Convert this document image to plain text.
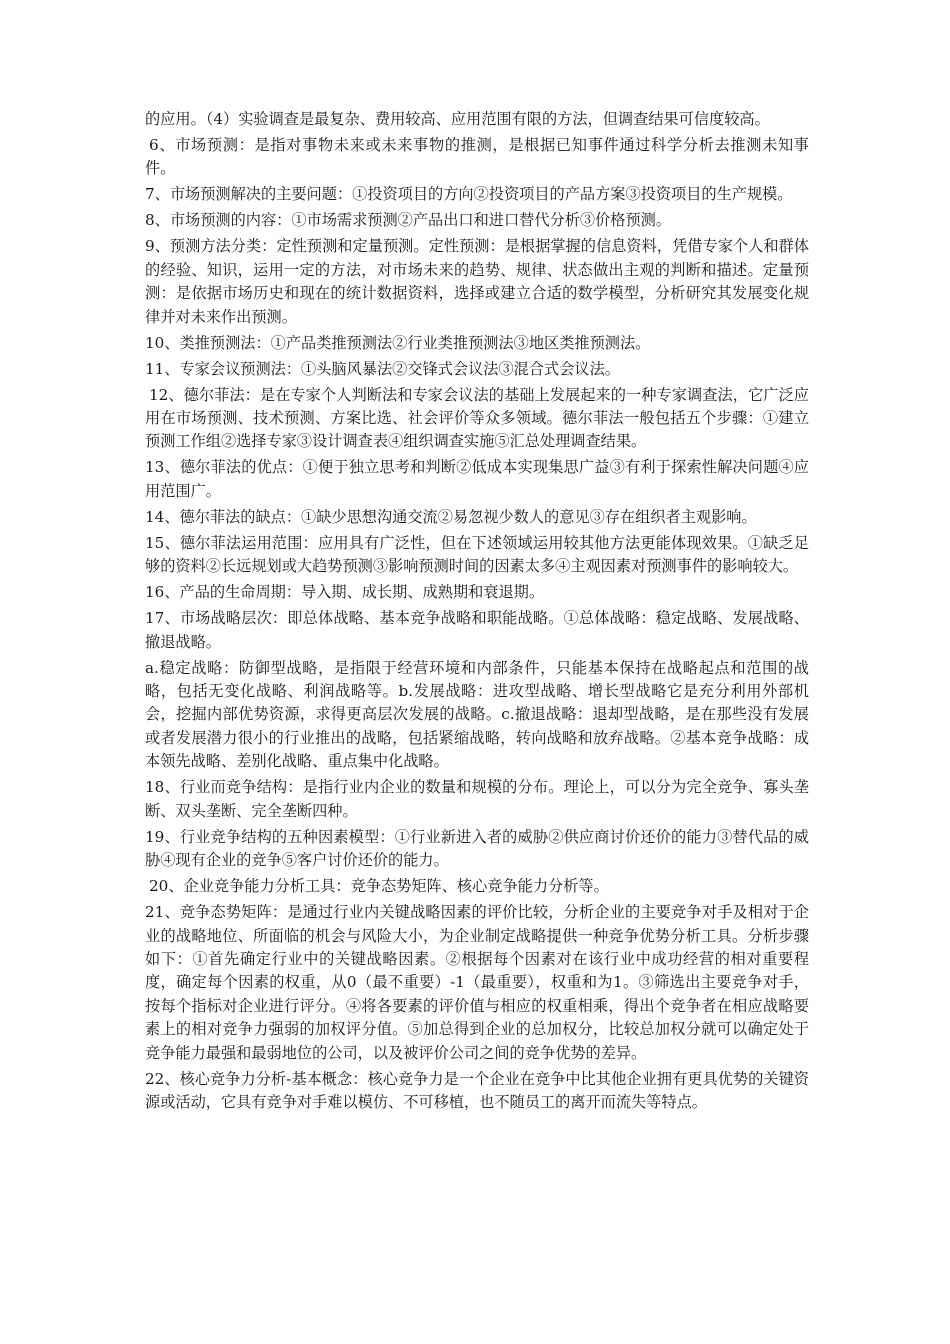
的应用。（4）实验调查是最复杂、费用较高、应用范围有限的方法，但调查结果可信度较高。

6、市场预测：是指对事物未来或未来事物的推测，是根据已知事件通过科学分析去推测未知事件。

7、市场预测解决的主要问题：①投资项目的方向②投资项目的产品方案③投资项目的生产规模。

8、市场预测的内容：①市场需求预测②产品出口和进口替代分析③价格预测。

9、预测方法分类：定性预测和定量预测。定性预测：是根据掌握的信息资料，凭借专家个人和群体的经验、知识，运用一定的方法，对市场未来的趋势、规律、状态做出主观的判断和描述。定量预测：是依据市场历史和现在的统计数据资料，选择或建立合适的数学模型，分析研究其发展变化规律并对未来作出预测。

10、类推预测法：①产品类推预测法②行业类推预测法③地区类推预测法。

11、专家会议预测法：①头脑风暴法②交锋式会议法③混合式会议法。

12、德尔菲法：是在专家个人判断法和专家会议法的基础上发展起来的一种专家调查法，它广泛应用在市场预测、技术预测、方案比选、社会评价等众多领域。德尔菲法一般包括五个步骤：①建立预测工作组②选择专家③设计调查表④组织调查实施⑤汇总处理调查结果。

13、德尔菲法的优点：①便于独立思考和判断②低成本实现集思广益③有利于探索性解决问题④应用范围广。

14、德尔菲法的缺点：①缺少思想沟通交流②易忽视少数人的意见③存在组织者主观影响。

15、德尔菲法运用范围：应用具有广泛性，但在下述领域运用较其他方法更能体现效果。①缺乏足够的资料②长远规划或大趋势预测③影响预测时间的因素太多④主观因素对预测事件的影响较大。

16、产品的生命周期：导入期、成长期、成熟期和衰退期。

17、市场战略层次：即总体战略、基本竞争战略和职能战略。①总体战略：稳定战略、发展战略、撤退战略。

a.稳定战略：防御型战略，是指限于经营环境和内部条件，只能基本保持在战略起点和范围的战略，包括无变化战略、利润战略等。b.发展战略：进攻型战略、增长型战略它是充分利用外部机会，挖掘内部优势资源，求得更高层次发展的战略。c.撤退战略：退却型战略，是在那些没有发展或者发展潜力很小的行业推出的战略，包括紧缩战略，转向战略和放弃战略。②基本竞争战略：成本领先战略、差别化战略、重点集中化战略。

18、行业而竞争结构：是指行业内企业的数量和规模的分布。理论上，可以分为完全竞争、寡头垄断、双头垄断、完全垄断四种。

19、行业竞争结构的五种因素模型：①行业新进入者的威胁②供应商讨价还价的能力③替代品的威胁④现有企业的竞争⑤客户讨价还价的能力。

20、企业竞争能力分析工具：竞争态势矩阵、核心竞争能力分析等。

21、竞争态势矩阵：是通过行业内关键战略因素的评价比较，分析企业的主要竞争对手及相对于企业的战略地位、所面临的机会与风险大小，为企业制定战略提供一种竞争优势分析工具。分析步骤如下：①首先确定行业中的关键战略因素。②根据每个因素对在该行业中成功经营的相对重要程度，确定每个因素的权重，从0（最不重要）-1（最重要），权重和为1。③筛选出主要竞争对手，按每个指标对企业进行评分。④将各要素的评价值与相应的权重相乘，得出个竞争者在相应战略要素上的相对竞争力强弱的加权评分值。⑤加总得到企业的总加权分，比较总加权分就可以确定处于竞争能力最强和最弱地位的公司，以及被评价公司之间的竞争优势的差异。

22、核心竞争力分析-基本概念：核心竞争力是一个企业在竞争中比其他企业拥有更具优势的关键资源或活动，它具有竞争对手难以模仿、不可移植，也不随员工的离开而流失等特点。
